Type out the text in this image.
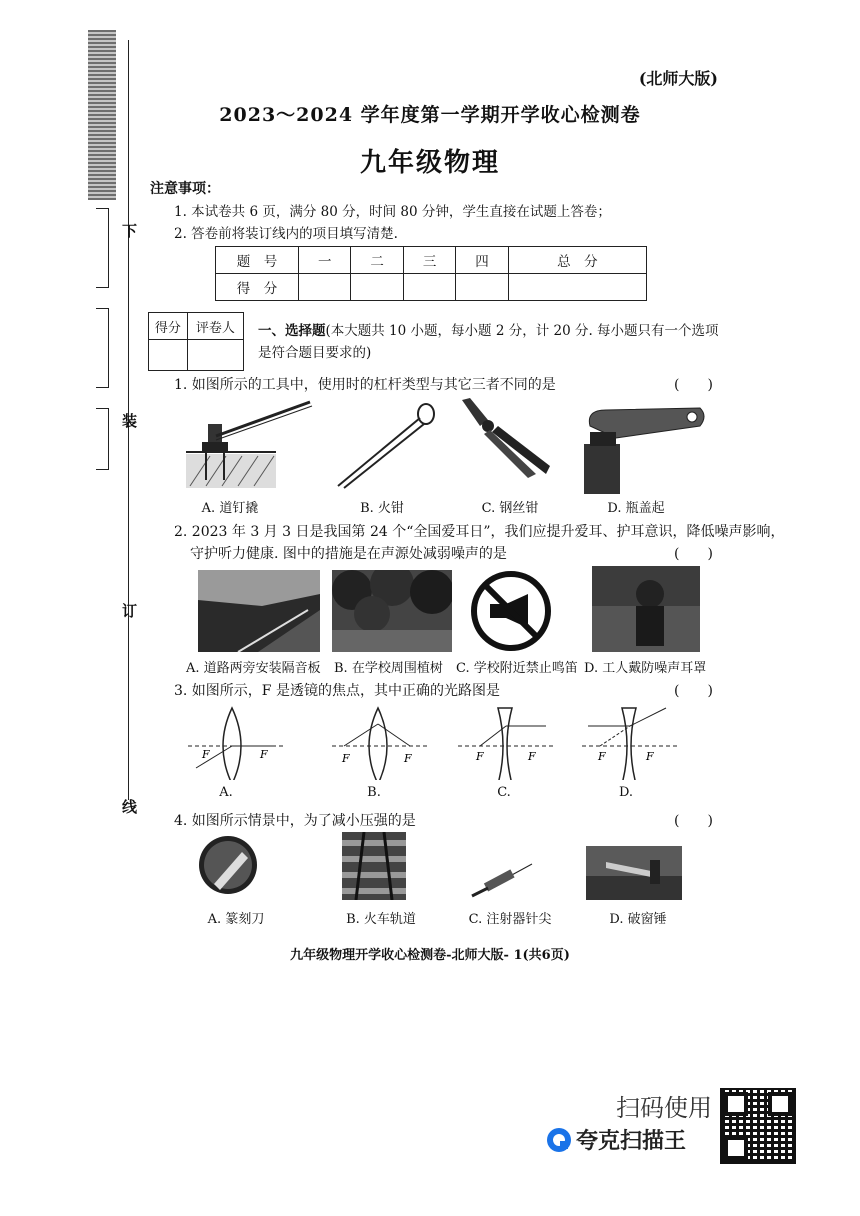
下
装
订
线
(北师大版)
2023～2024 学年度第一学期开学收心检测卷
九年级物理
注意事项：
1. 本试卷共 6 页，满分 80 分，时间 80 分钟，学生直接在试题上答卷；
2. 答卷前将装订线内的项目填写清楚.
题　号	一	二	三	四	总　分
得　分					
得分	评卷人
	一、选择题(本大题共 10 小题，每小题 2 分，计 20 分. 每小题只有一个选项是符合题目要求的)
1. 如图所示的工具中，使用时的杠杆类型与其它三者不同的是	(　　)
A. 道钉撬	B. 火钳	C. 钢丝钳	D. 瓶盖起
2. 2023 年 3 月 3 日是我国第 24 个“全国爱耳日”，我们应提升爱耳、护耳意识，降低噪声影响，
守护听力健康. 图中的措施是在声源处减弱噪声的是	(　　)
A. 道路两旁安装隔音板	B. 在学校周围植树	C. 学校附近禁止鸣笛 D. 工人戴防噪声耳罩
3. 如图所示，F 是透镜的焦点，其中正确的光路图是	(　　)
F	F	F	F	F	F	F	F
A.	B.	C.	D.
4. 如图所示情景中，为了减小压强的是	(　　)
A. 篆刻刀	B. 火车轨道	C. 注射器针尖	D. 破窗锤
九年级物理开学收心检测卷-北师大版- 1(共6页)
扫码使用
夸克扫描王
